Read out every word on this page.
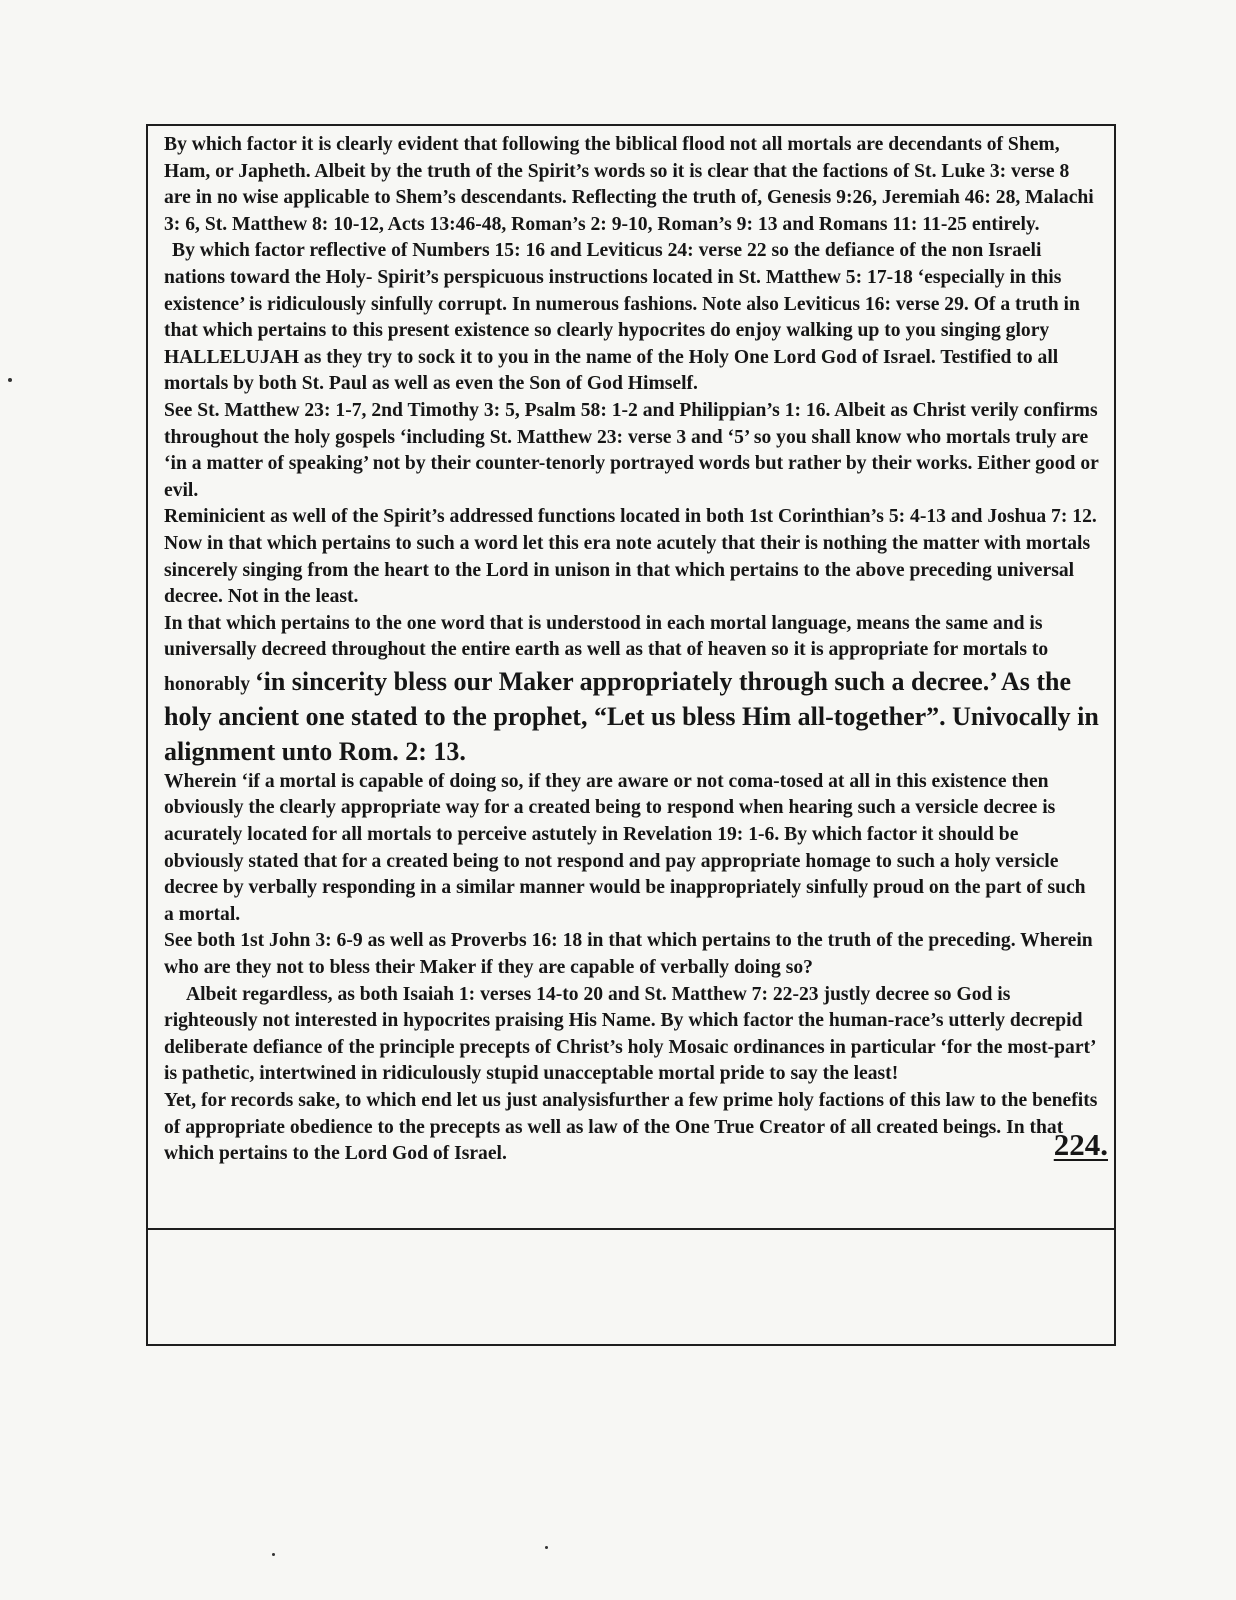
By which factor it is clearly evident that following the biblical flood not all mortals are decendants of Shem, Ham, or Japheth. Albeit by the truth of the Spirit’s words so it is clear that the factions of St. Luke 3: verse 8 are in no wise applicable to Shem’s descendants. Reflecting the truth of, Genesis 9:26, Jeremiah 46: 28, Malachi 3: 6, St. Matthew 8: 10-12, Acts 13:46-48, Roman’s 2: 9-10, Roman’s 9: 13 and Romans 11: 11-25 entirely.

By which factor reflective of Numbers 15: 16 and Leviticus 24: verse 22 so the defiance of the non Israeli nations toward the Holy- Spirit’s perspicuous instructions located in St. Matthew 5: 17-18 ‘especially in this existence’ is ridiculously sinfully corrupt. In numerous fashions. Note also Leviticus 16: verse 29. Of a truth in that which pertains to this present existence so clearly hypocrites do enjoy walking up to you singing glory HALLELUJAH as they try to sock it to you in the name of the Holy One Lord God of Israel. Testified to all mortals by both St. Paul as well as even the Son of God Himself.

See St. Matthew 23: 1-7, 2nd Timothy 3: 5, Psalm 58: 1-2 and Philippian’s 1: 16. Albeit as Christ verily confirms throughout the holy gospels ‘including St. Matthew 23: verse 3 and ‘5’ so you shall know who mortals truly are ‘in a matter of speaking’ not by their counter-tenorly portrayed words but rather by their works. Either good or evil.

Reminicient as well of the Spirit’s addressed functions located in both 1st Corinthian’s 5: 4-13 and Joshua 7: 12. Now in that which pertains to such a word let this era note acutely that their is nothing the matter with mortals sincerely singing from the heart to the Lord in unison in that which pertains to the above preceding universal decree. Not in the least.

In that which pertains to the one word that is understood in each mortal language, means the same and is universally decreed throughout the entire earth as well as that of heaven so it is appropriate for mortals to honorably ‘in sincerity bless our Maker appropriately through such a decree.’ As the holy ancient one stated to the prophet, “Let us bless Him all-together”. Univocally in alignment unto Rom. 2: 13.

Wherein ‘if a mortal is capable of doing so, if they are aware or not coma-tosed at all in this existence then obviously the clearly appropriate way for a created being to respond when hearing such a versicle decree is acurately located for all mortals to perceive astutely in Revelation 19: 1-6. By which factor it should be obviously stated that for a created being to not respond and pay appropriate homage to such a holy versicle decree by verbally responding in a similar manner would be inappropriately sinfully proud on the part of such a mortal.

See both 1st John 3: 6-9 as well as Proverbs 16: 18 in that which pertains to the truth of the preceding. Wherein who are they not to bless their Maker if they are capable of verbally doing so?

Albeit regardless, as both Isaiah 1: verses 14-to 20 and St. Matthew 7: 22-23 justly decree so God is righteously not interested in hypocrites praising His Name. By which factor the human-race’s utterly decrepid deliberate defiance of the principle precepts of Christ’s holy Mosaic ordinances in particular ‘for the most-part’ is pathetic, intertwined in ridiculously stupid unacceptable mortal pride to say the least!

Yet, for records sake, to which end let us just analysisfurther a few prime holy factions of this law to the benefits of appropriate obedience to the precepts as well as law of the One True Creator of all created beings. In that which pertains to the Lord God of Israel.	224.
